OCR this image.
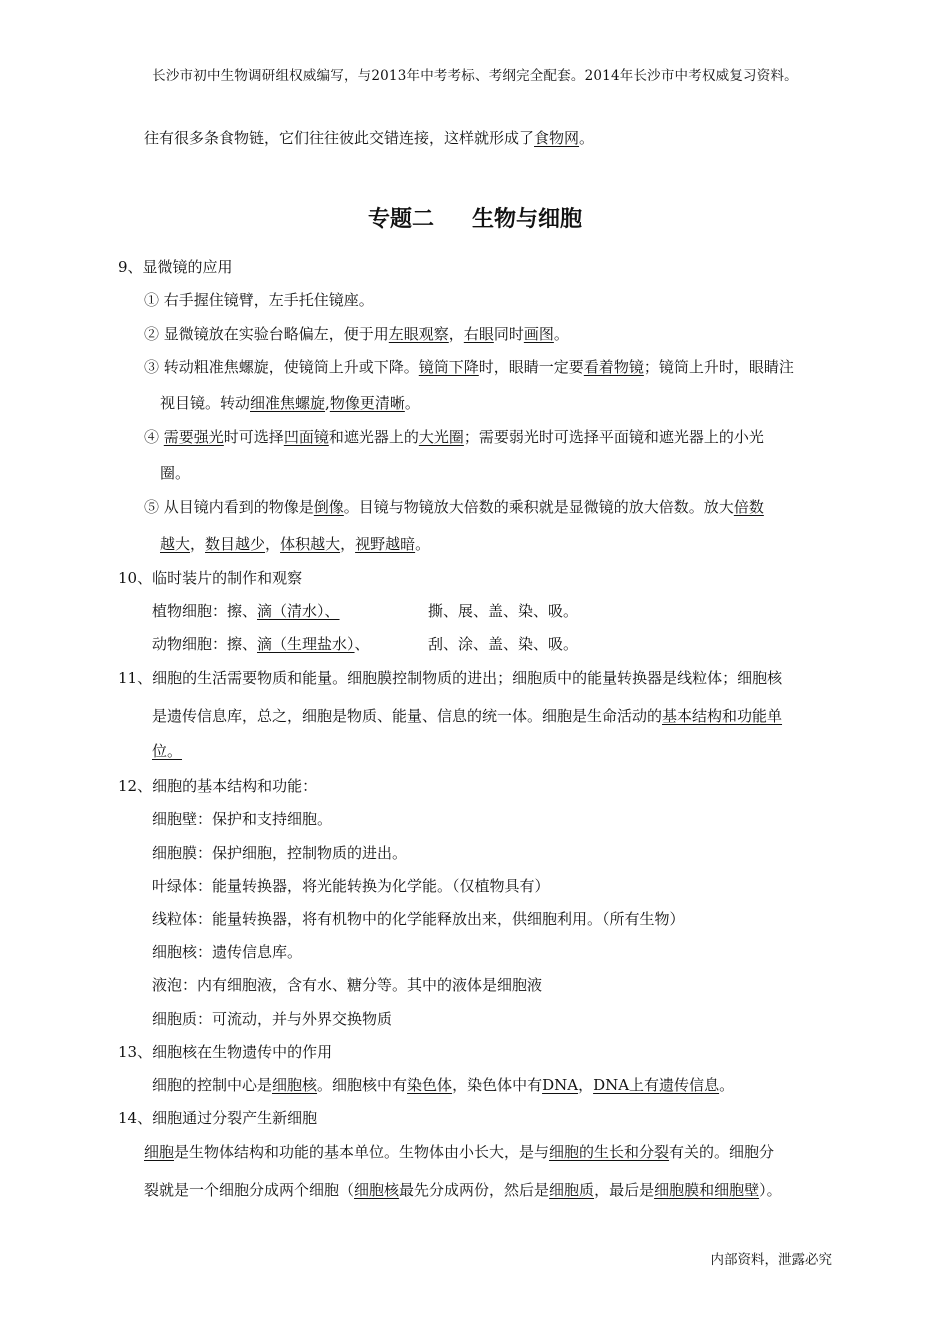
长沙市初中生物调研组权威编写，与2013年中考考标、考纲完全配套。2014年长沙市中考权威复习资料。
往有很多条食物链，它们往往彼此交错连接，这样就形成了食物网。
专题二 生物与细胞
9、显微镜的应用
① 右手握住镜臂，左手托住镜座。
② 显微镜放在实验台略偏左，便于用左眼观察，右眼同时画图。
③ 转动粗准焦螺旋，使镜筒上升或下降。镜筒下降时，眼睛一定要看着物镜；镜筒上升时，眼睛注
视目镜。转动细准焦螺旋,物像更清晰。
④ 需要强光时可选择凹面镜和遮光器上的大光圈；需要弱光时可选择平面镜和遮光器上的小光
圈。
⑤ 从目镜内看到的物像是倒像。目镜与物镜放大倍数的乘积就是显微镜的放大倍数。放大倍数
越大，数目越少，体积越大，视野越暗。
10、临时装片的制作和观察
植物细胞：擦、滴（清水）、	撕、展、盖、染、吸。
动物细胞：擦、滴（生理盐水）、	刮、涂、盖、染、吸。
11、细胞的生活需要物质和能量。细胞膜控制物质的进出；细胞质中的能量转换器是线粒体；细胞核
是遗传信息库，总之，细胞是物质、能量、信息的统一体。细胞是生命活动的基本结构和功能单
位。
12、细胞的基本结构和功能：
细胞壁：保护和支持细胞。
细胞膜：保护细胞，控制物质的进出。
叶绿体：能量转换器，将光能转换为化学能。（仅植物具有）
线粒体：能量转换器，将有机物中的化学能释放出来，供细胞利用。（所有生物）
细胞核：遗传信息库。
液泡：内有细胞液，含有水、糖分等。其中的液体是细胞液
细胞质：可流动，并与外界交换物质
13、细胞核在生物遗传中的作用
细胞的控制中心是细胞核。细胞核中有染色体，染色体中有DNA，DNA上有遗传信息。
14、细胞通过分裂产生新细胞
细胞是生物体结构和功能的基本单位。生物体由小长大，是与细胞的生长和分裂有关的。细胞分
裂就是一个细胞分成两个细胞（细胞核最先分成两份，然后是细胞质，最后是细胞膜和细胞壁）。
内部资料，泄露必究
